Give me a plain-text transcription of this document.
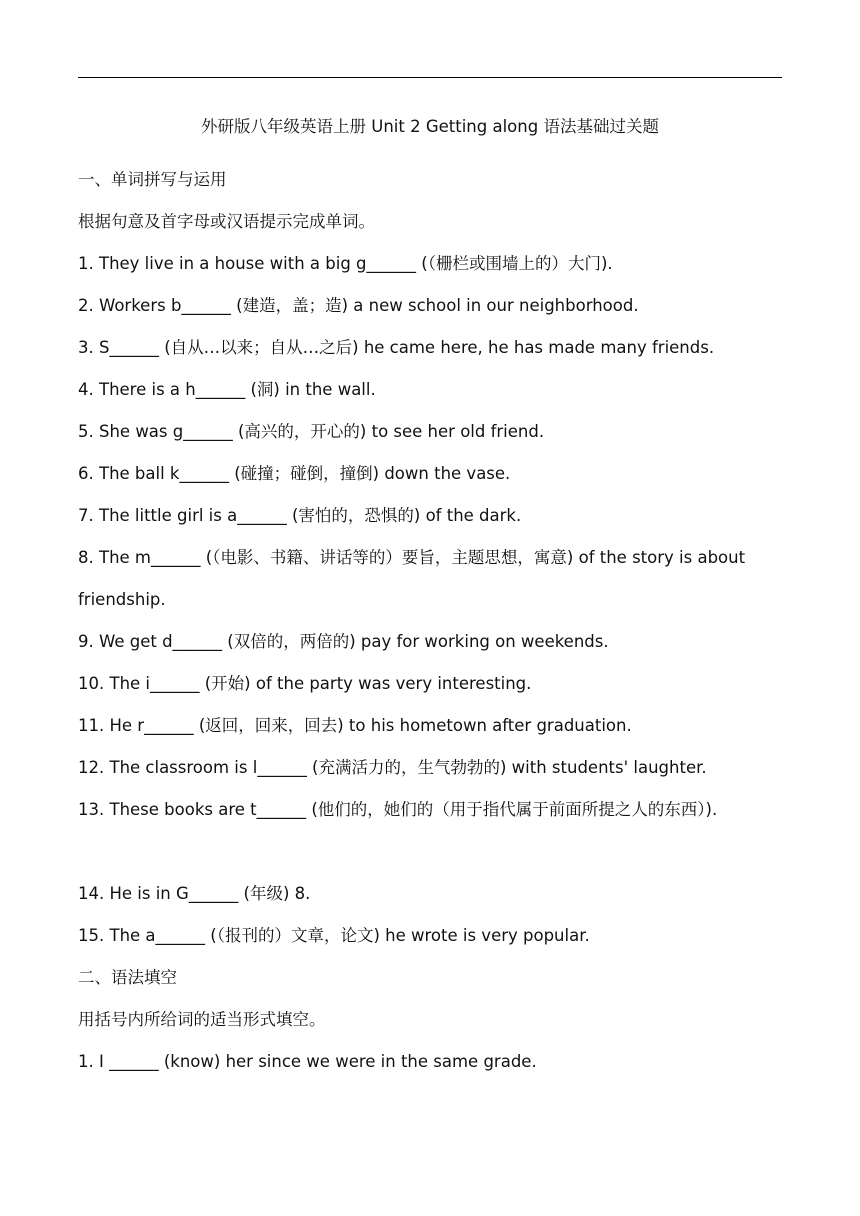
外研版八年级英语上册 Unit 2 Getting along 语法基础过关题
一、单词拼写与运用
根据句意及首字母或汉语提示完成单词。
1. They live in a house with a big g______ (（栅栏或围墙上的）大门).
2. Workers b______ (建造，盖；造) a new school in our neighborhood.
3. S______ (自从…以来；自从…之后) he came here, he has made many friends.
4. There is a h______ (洞) in the wall.
5. She was g______ (高兴的，开心的) to see her old friend.
6. The ball k______ (碰撞；碰倒，撞倒) down the vase.
7. The little girl is a______ (害怕的，恐惧的) of the dark.
8. The m______ (（电影、书籍、讲话等的）要旨，主题思想，寓意) of the story is about friendship.
9. We get d______ (双倍的，两倍的) pay for working on weekends.
10. The i______ (开始) of the party was very interesting.
11. He r______ (返回，回来，回去) to his hometown after graduation.
12. The classroom is l______ (充满活力的，生气勃勃的) with students' laughter.
13. These books are t______ (他们的，她们的（用于指代属于前面所提之人的东西）).
14. He is in G______ (年级) 8.
15. The a______ (（报刊的）文章，论文) he wrote is very popular.
二、语法填空
用括号内所给词的适当形式填空。
1. I ______ (know) her since we were in the same grade.
